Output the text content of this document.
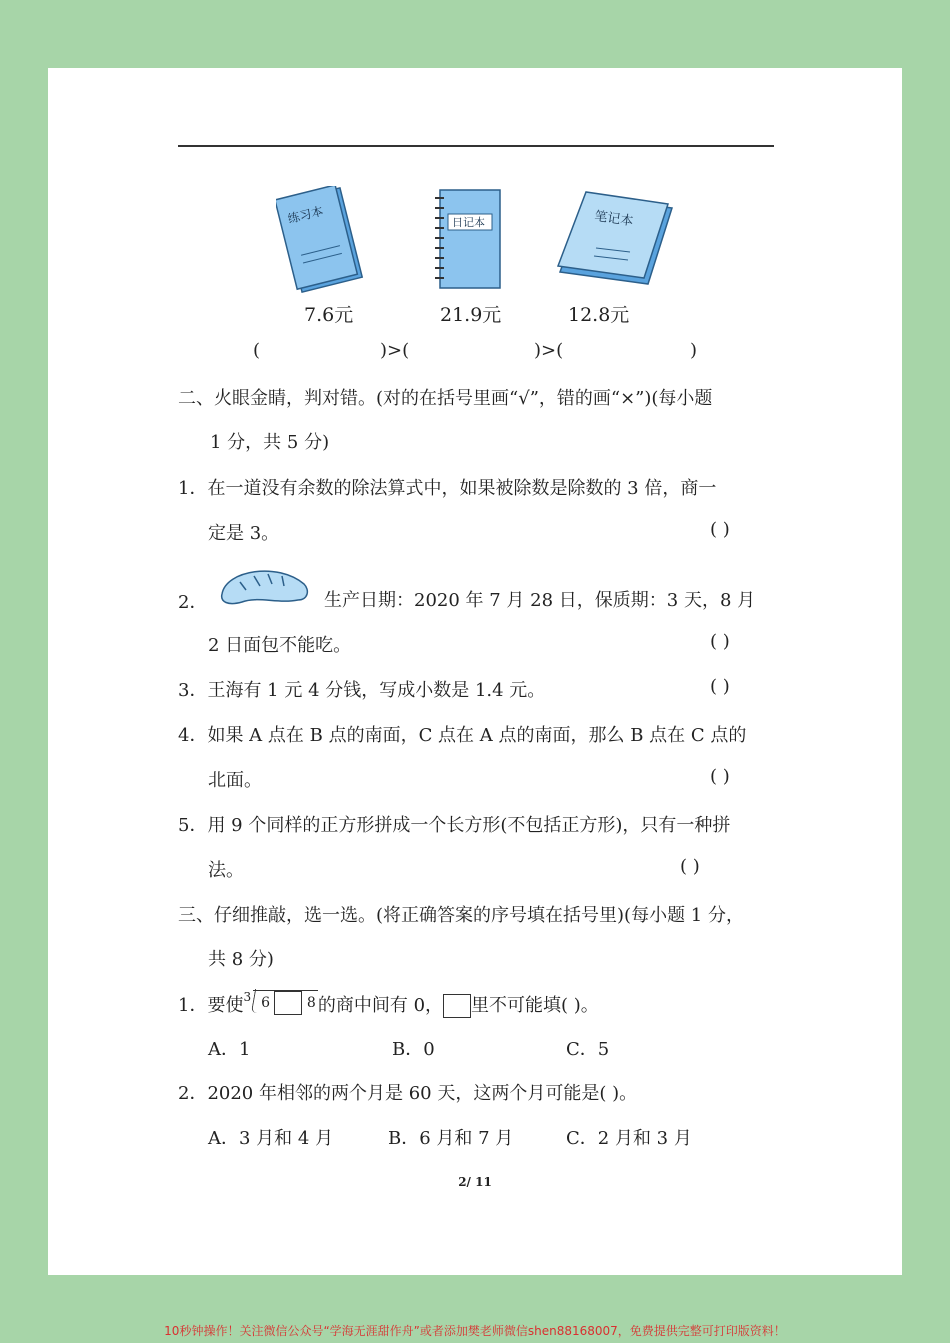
练习本	日记本	笔记本
7.6元	21.9元	12.8元
(	)>(	)>(	)
二、火眼金睛，判对错。(对的在括号里画“√”，错的画“×”)(每小题
1 分，共 5 分)
1．在一道没有余数的除法算式中，如果被除数是除数的 3 倍，商一
定是 3。	( )
2．	生产日期：2020 年 7 月 28 日，保质期：3 天，8 月
2 日面包不能吃。	( )
3．王海有 1 元 4 分钱，写成小数是 1.4 元。	( )
4．如果 A 点在 B 点的南面，C 点在 A 点的南面，那么 B 点在 C 点的
北面。	( )
5．用 9 个同样的正方形拼成一个长方形(不包括正方形)，只有一种拼
法。	( )
三、仔细推敲，选一选。(将正确答案的序号填在括号里)(每小题 1 分，
共 8 分)
1．要使$^3$ 6	8 的商中间有 0， 里不可能填( )。
A．1	B．0	C．5
2．2020 年相邻的两个月是 60 天，这两个月可能是( )。
A．3 月和 4 月	B．6 月和 7 月	C．2 月和 3 月
2/ 11
10秒钟操作！关注微信公众号“学海无涯甜作舟”或者添加樊老师微信shen88168007，免费提供完整可打印版资料！
